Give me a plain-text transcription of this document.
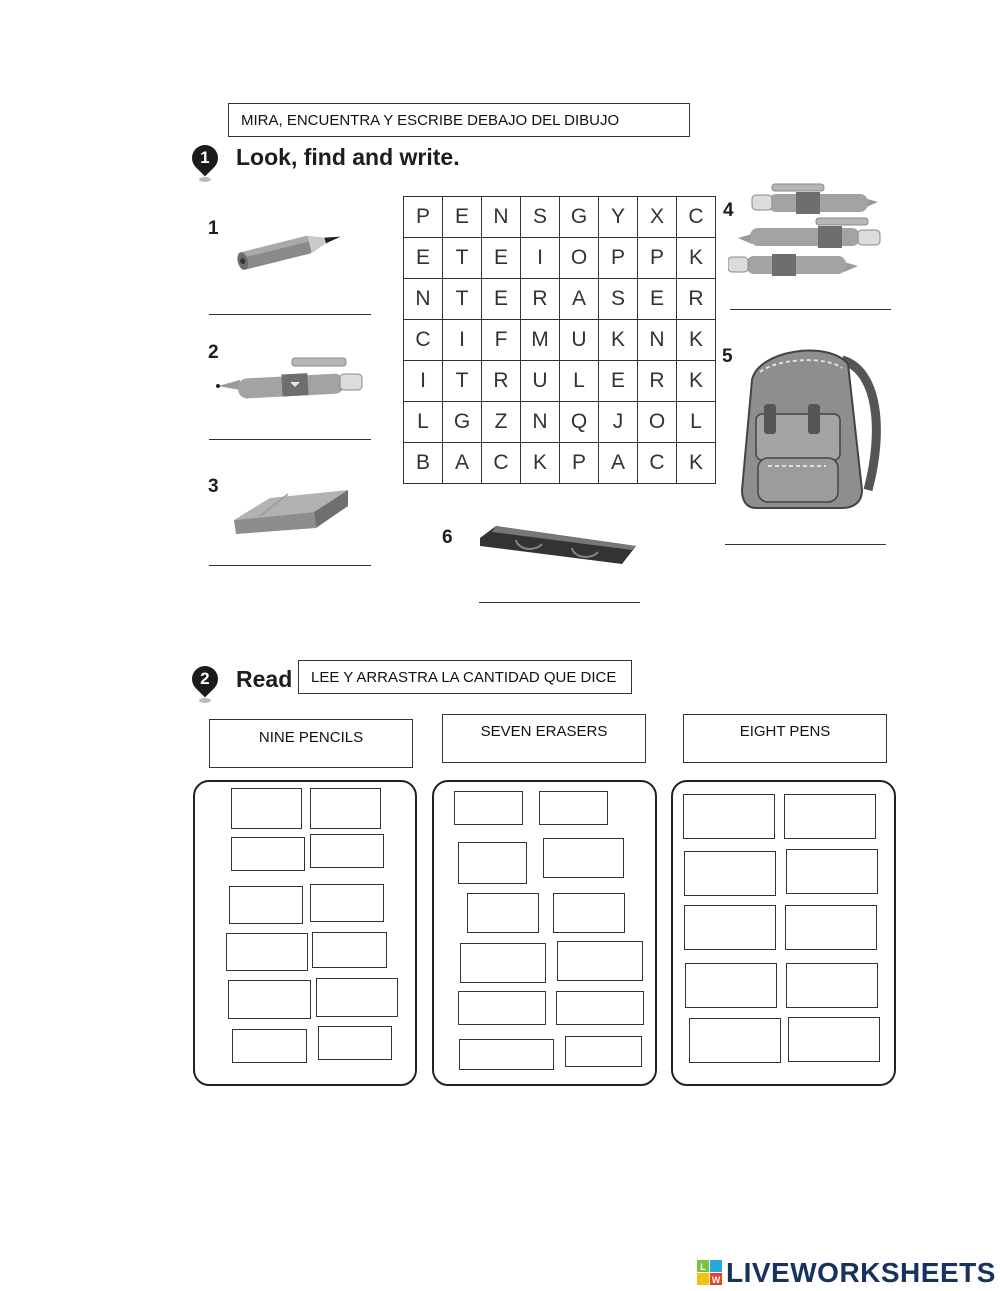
MIRA, ENCUENTRA Y ESCRIBE DEBAJO DEL DIBUJO
1 Look, find and write.
1
2
3
P	E	N	S	G	Y	X	C
E	T	E	I	O	P	P	K
N	T	E	R	A	S	E	R
C	I	F	M	U	K	N	K
I	T	R	U	L	E	R	K
L	G	Z	N	Q	J	O	L
B	A	C	K	P	A	C	K
4
5
6
2 Read LEE Y ARRASTRA LA CANTIDAD QUE DICE
NINE PENCILS	SEVEN ERASERS	EIGHT PENS
L
W LIVEWORKSHEETS
